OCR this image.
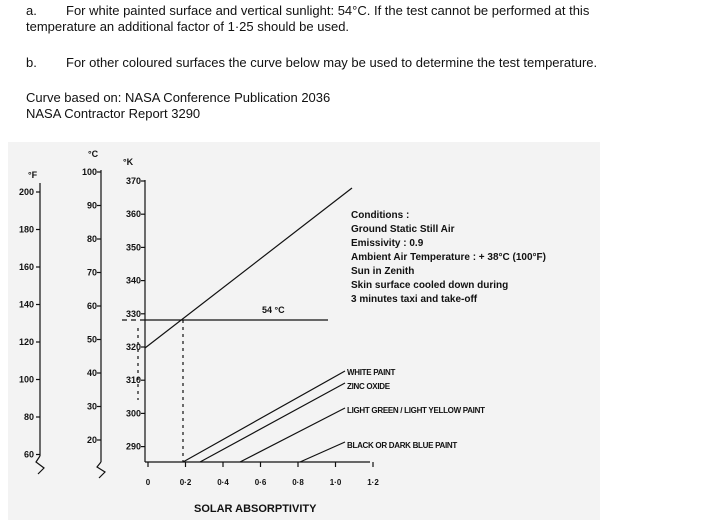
a. For white painted surface and vertical sunlight: 54°C. If the test cannot be performed at this
temperature an additional factor of 1·25 should be used.
b. For other coloured surfaces the curve below may be used to determine the test temperature.
Curve based on: NASA Conference Publication 2036
NASA Contractor Report 3290
°C
°K
°F
200
180
160
140
120
100
80
60
100
90
80
70
60
50
40
30
20
370
360
350
340
330
320
310
300
290
0	0·2	0·4	0·6	0·8	1·0	1·2
54 °C
Conditions :
Ground Static Still Air
Emissivity : 0.9
Ambient Air Temperature : + 38°C (100°F)
Sun in Zenith
Skin surface cooled down during
3 minutes taxi and take-off
WHITE PAINT
ZINC OXIDE
LIGHT GREEN / LIGHT YELLOW PAINT
BLACK OR DARK BLUE PAINT
SOLAR ABSORPTIVITY
